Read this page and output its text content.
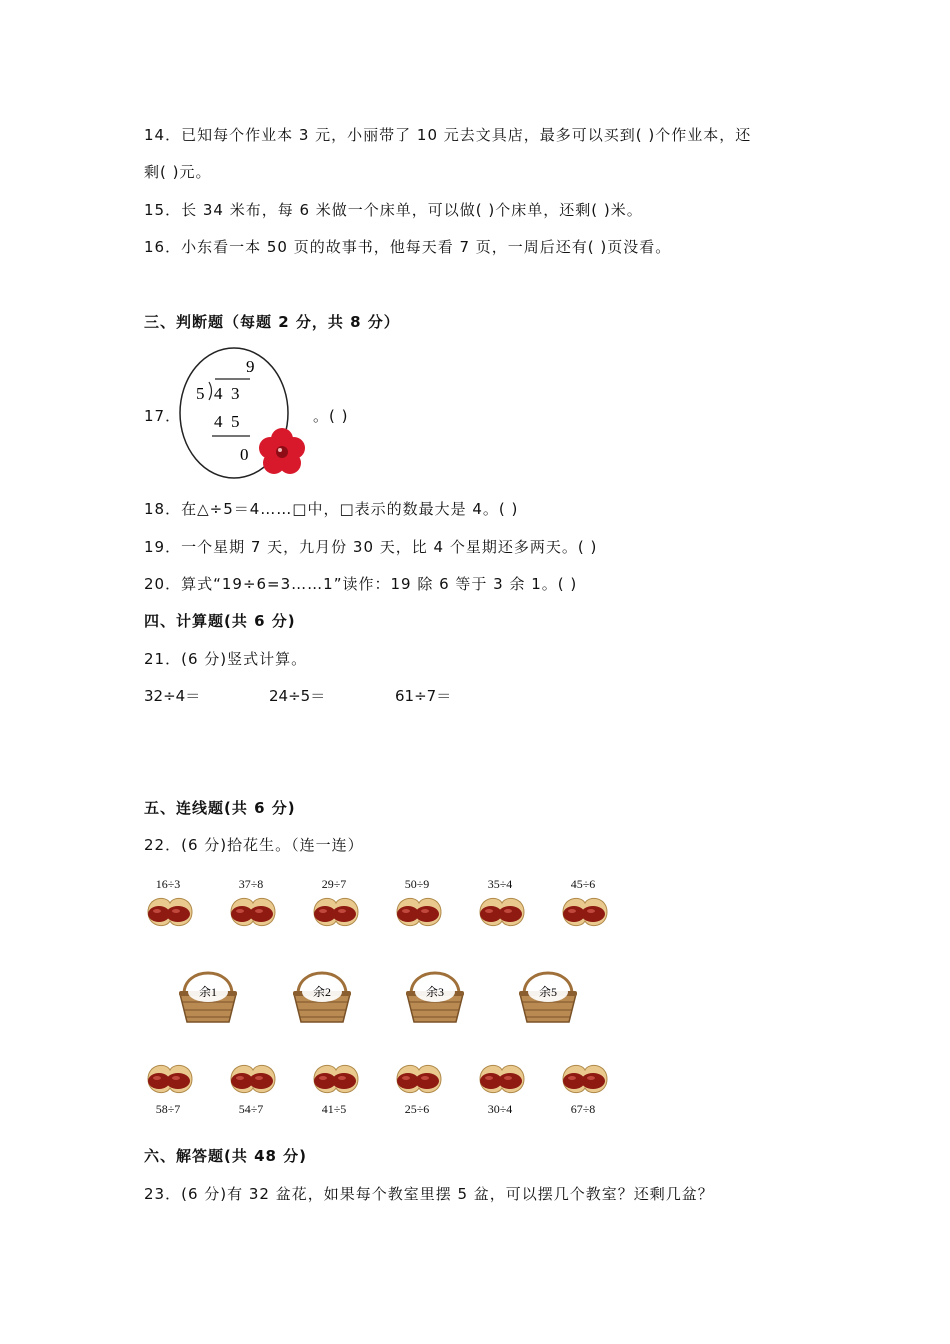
14．已知每个作业本 3 元，小丽带了 10 元去文具店，最多可以买到( )个作业本，还
剩( )元。
15．长 34 米布，每 6 米做一个床单，可以做( )个床单，还剩( )米。
16．小东看一本 50 页的故事书，他每天看 7 页，一周后还有( )页没看。
三、判断题（每题 2 分，共 8 分）
17．
9
5 4  3
4  5
0
。( )
18．在△÷5＝4……□中，□表示的数最大是 4。( )
19．一个星期 7 天，九月份 30 天，比 4 个星期还多两天。( )
20．算式“19÷6=3……1”读作：19 除 6 等于 3 余 1。( )
四、计算题(共 6 分)
21．(6 分)竖式计算。
32÷4＝	24÷5＝	61÷7＝
五、连线题(共 6 分)
22．(6 分)拾花生。（连一连）
16÷3	37÷8	29÷7	50÷9	35÷4	45÷6
余1	余2	余3	余5
58÷7	54÷7	41÷5	25÷6	30÷4	67÷8
六、解答题(共 48 分)
23．(6 分)有 32 盆花，如果每个教室里摆 5 盆，可以摆几个教室？还剩几盆？
